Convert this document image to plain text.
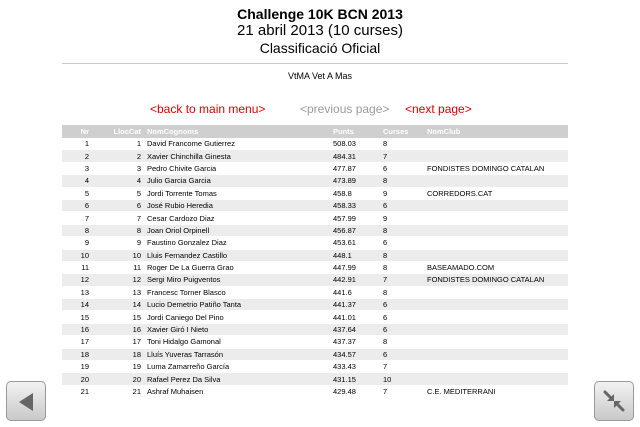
Challenge 10K BCN 2013
21 abril 2013 (10 curses)
Classificació Oficial
VtMA Vet A Mas
<back to main menu>	<previous page> <next page>
Nr	LlocCat	NomCognoms	Punts	Curses	NomClub
1	1	David Francome Gutierrez	508.03	8	
2	2	Xavier Chinchilla Ginesta	484.31	7	
3	3	Pedro Chivite Garcia	477.87	6	FONDISTES DOMINGO CATALAN
4	4	Julio Garcia Garcia	473.89	8	
5	5	Jordi Torrente Tomas	458.8	9	CORREDORS.CAT
6	6	José Rubio Heredia	458.33	6	
7	7	Cesar Cardozo Diaz	457.99	9	
8	8	Joan Oriol Orpinell	456.87	8	
9	9	Faustino Gonzalez Diaz	453.61	6	
10	10	Lluis Fernandez Castillo	448.1	8	
11	11	Roger De La Guerra Grao	447.99	8	BASEAMADO.COM
12	12	Sergi Miro Puigventos	442.91	7	FONDISTES DOMINGO CATALAN
13	13	Francesc Torner Blasco	441.6	8	
14	14	Lucio Demetrio Patiño Tanta	441.37	6	
15	15	Jordi Caniego Del Pino	441.01	6	
16	16	Xavier Giró I Nieto	437.64	6	
17	17	Toni Hidalgo Gamonal	437.37	8	
18	18	Lluís Yuveras Tarrasón	434.57	6	
19	19	Luma Zamarreño García	433.43	7	
20	20	Rafael Perez Da Silva	431.15	10	
21	21	Ashraf Muhaisen	429.48	7	C.E. MEDITERRANI
